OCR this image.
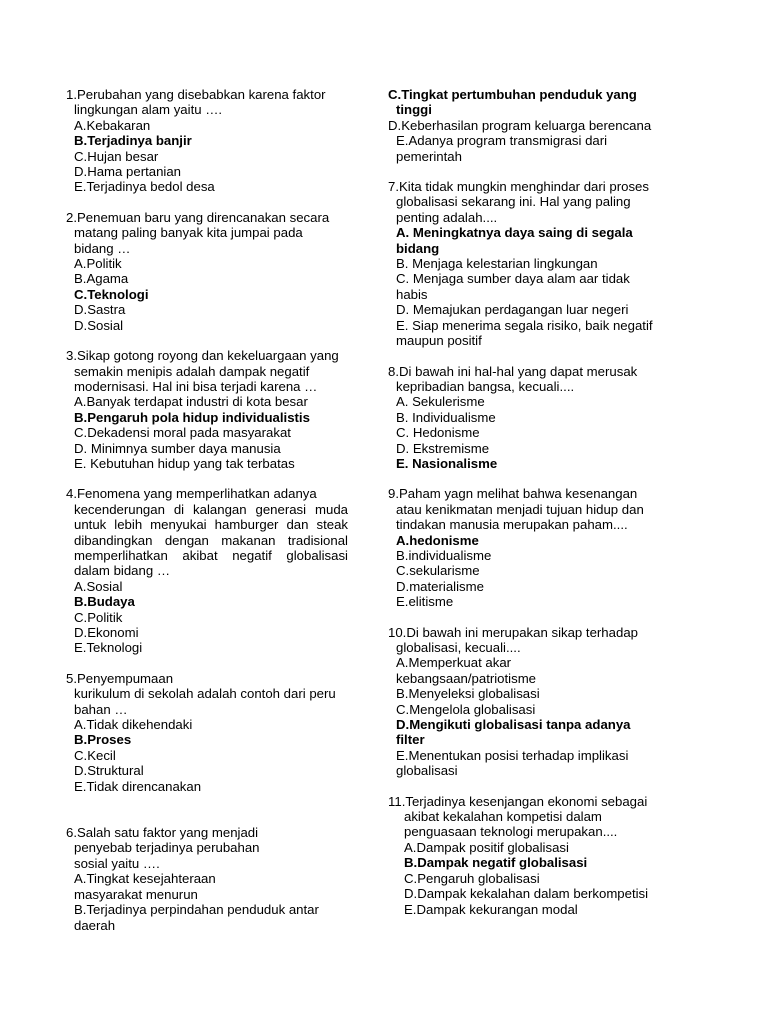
1.Perubahan yang disebabkan karena faktor
lingkungan alam yaitu ….
A.Kebakaran
B.Terjadinya banjir
C.Hujan besar
D.Hama pertanian
E.Terjadinya bedol desa
2.Penemuan baru yang direncanakan secara
matang paling banyak kita jumpai pada
bidang …
A.Politik
B.Agama
C.Teknologi
D.Sastra
D.Sosial
3.Sikap gotong royong dan kekeluargaan yang
semakin menipis adalah dampak negatif
modernisasi. Hal ini bisa terjadi karena …
A.Banyak terdapat industri di kota besar
B.Pengaruh pola hidup individualistis
C.Dekadensi moral pada masyarakat
D. Minimnya sumber daya manusia
E. Kebutuhan hidup yang tak terbatas
4.Fenomena yang memperlihatkan adanya
kecenderungan di kalangan generasi muda
untuk lebih menyukai hamburger dan steak
dibandingkan dengan makanan tradisional
memperlihatkan akibat negatif globalisasi
dalam bidang …
A.Sosial
B.Budaya
C.Politik
D.Ekonomi
E.Teknologi
5.Penyempumaan
kurikulum di sekolah adalah contoh dari peru
bahan …
A.Tidak dikehendaki
B.Proses
C.Kecil
D.Struktural
E.Tidak direncanakan
6.Salah satu faktor yang menjadi
penyebab terjadinya perubahan
sosial yaitu ….
A.Tingkat kesejahteraan
masyarakat menurun
B.Terjadinya perpindahan penduduk antar
daerah
C.Tingkat pertumbuhan penduduk yang
tinggi
D.Keberhasilan program keluarga berencana
E.Adanya program transmigrasi dari
pemerintah
7.Kita tidak mungkin menghindar dari proses
globalisasi sekarang ini. Hal yang paling
penting adalah....
A. Meningkatnya daya saing di segala
bidang
B. Menjaga kelestarian lingkungan
C. Menjaga sumber daya alam aar tidak
habis
D. Memajukan perdagangan luar negeri
E. Siap menerima segala risiko, baik negatif
maupun positif
8.Di bawah ini hal-hal yang dapat merusak
kepribadian bangsa, kecuali....
A. Sekulerisme
B. Individualisme
C. Hedonisme
D. Ekstremisme
E. Nasionalisme
9.Paham yagn melihat bahwa kesenangan
atau kenikmatan menjadi tujuan hidup dan
tindakan manusia merupakan paham....
A.hedonisme
B.individualisme
C.sekularisme
D.materialisme
E.elitisme
10.Di bawah ini merupakan sikap terhadap
globalisasi, kecuali....
A.Memperkuat akar
kebangsaan/patriotisme
B.Menyeleksi globalisasi
C.Mengelola globalisasi
D.Mengikuti globalisasi tanpa adanya
filter
E.Menentukan posisi terhadap implikasi
globalisasi
11.Terjadinya kesenjangan ekonomi sebagai
akibat kekalahan kompetisi dalam
penguasaan teknologi merupakan....
A.Dampak positif globalisasi
B.Dampak negatif globalisasi
C.Pengaruh globalisasi
D.Dampak kekalahan dalam berkompetisi
E.Dampak kekurangan modal
